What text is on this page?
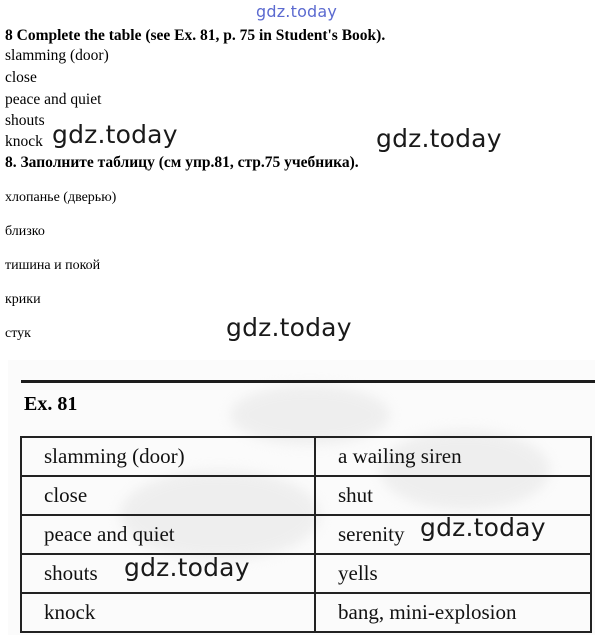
gdz.today
8 Complete the table (see Ex. 81, p. 75 in Student's Book).
slamming (door)
close
peace and quiet
shouts
knock gdz.today	gdz.today
8. Заполните таблицу (см упр.81, стр.75 учебника).
хлопанье (дверью)
близко
тишина и покой
крики
стук	gdz.today
Ex. 81
slamming (door)	a wailing siren
close	shut
peace and quiet	serenity
shouts	yells
knock	bang, mini-explosion
gdz.today
gdz.today
